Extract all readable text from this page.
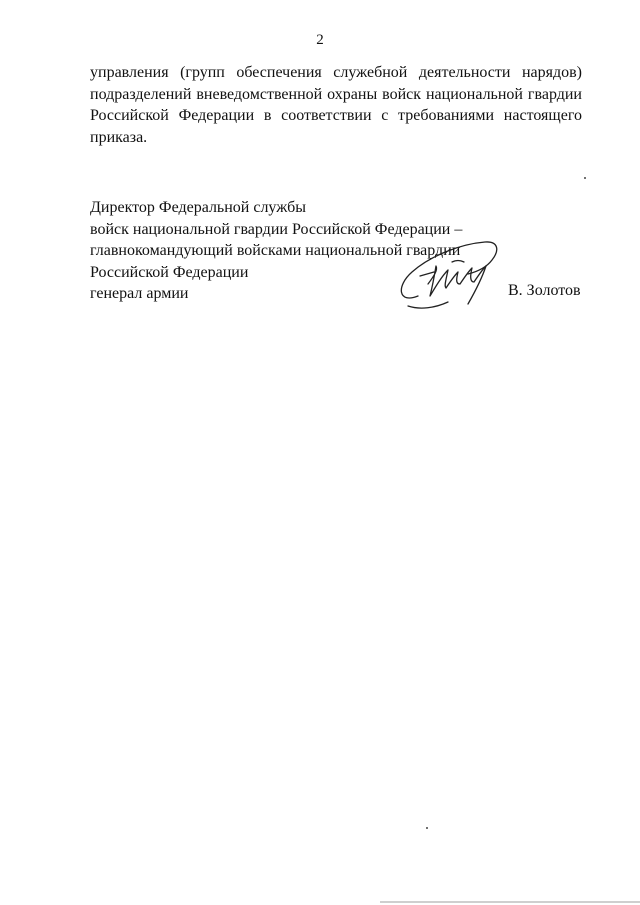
2

управления (групп обеспечения служебной деятельности нарядов) подразделений вневедомственной охраны войск национальной гвардии Российской Федерации в соответствии с требованиями настоящего приказа.

Директор Федеральной службы
войск национальной гвардии Российской Федерации –
главнокомандующий войсками национальной гвардии
Российской Федерации
генерал армии	В. Золотов
